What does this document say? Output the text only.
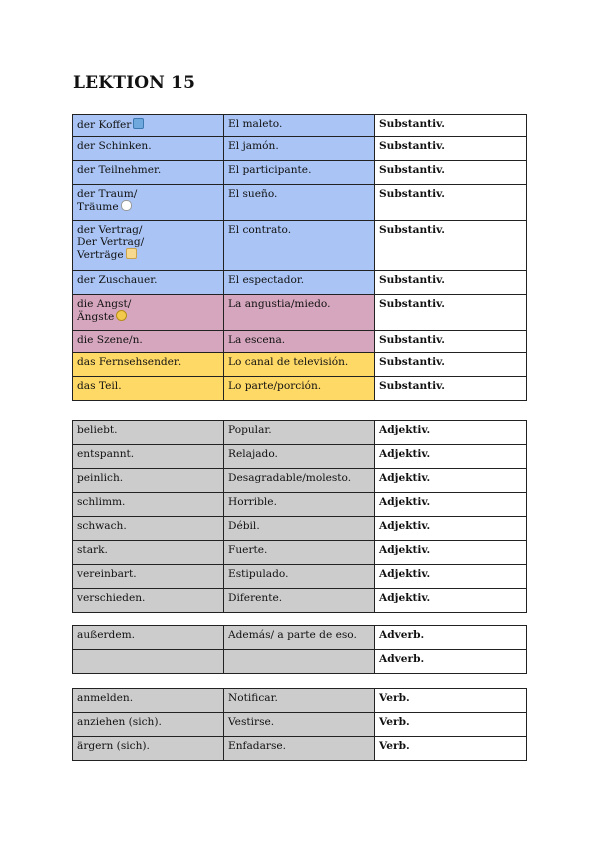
LEKTION 15
der Koffer	El maleto.	Substantiv.
der Schinken.	El jamón.	Substantiv.
der Teilnehmer.	El participante.	Substantiv.
der Traum/
Träume	El sueño.	Substantiv.
der Vertrag/
Der Vertrag/
Verträge	El contrato.	Substantiv.
der Zuschauer.	El espectador.	Substantiv.
die Angst/
Ängste	La angustia/miedo.	Substantiv.
die Szene/n.	La escena.	Substantiv.
das Fernsehsender.	Lo canal de televisión.	Substantiv.
das Teil.	Lo parte/porción.	Substantiv.
beliebt.	Popular.	Adjektiv.
entspannt.	Relajado.	Adjektiv.
peinlich.	Desagradable/molesto.	Adjektiv.
schlimm.	Horrible.	Adjektiv.
schwach.	Débil.	Adjektiv.
stark.	Fuerte.	Adjektiv.
vereinbart.	Estipulado.	Adjektiv.
verschieden.	Diferente.	Adjektiv.
außerdem.	Además/ a parte de eso.	Adverb.
		Adverb.
anmelden.	Notificar.	Verb.
anziehen (sich).	Vestirse.	Verb.
ärgern (sich).	Enfadarse.	Verb.
